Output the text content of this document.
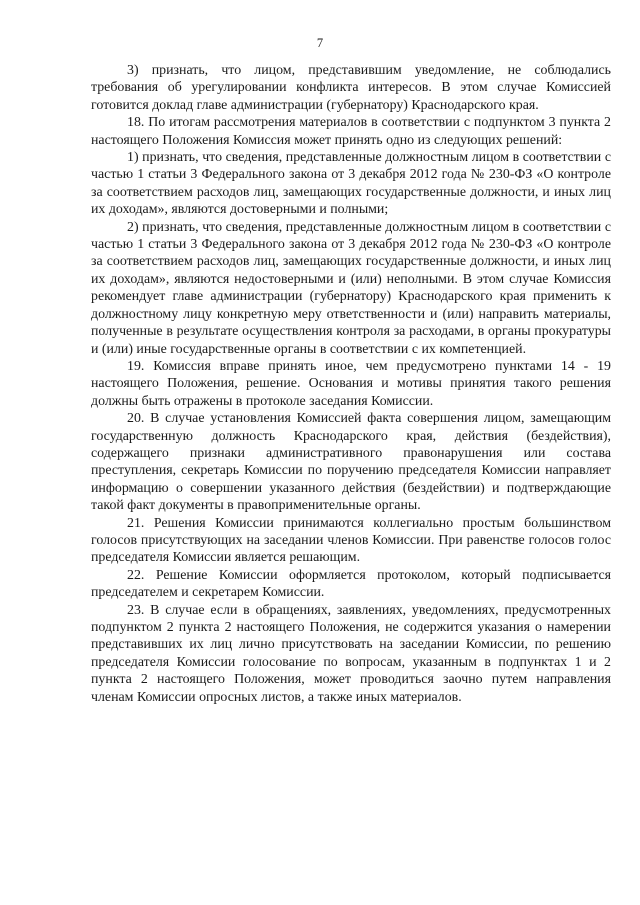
7

3) признать, что лицом, представившим уведомление, не соблюдались требования об урегулировании конфликта интересов. В этом случае Комиссией готовится доклад главе администрации (губернатору) Краснодарского края.

18. По итогам рассмотрения материалов в соответствии с подпунктом 3 пункта 2 настоящего Положения Комиссия может принять одно из следующих решений:

1) признать, что сведения, представленные должностным лицом в соответствии с частью 1 статьи 3 Федерального закона от 3 декабря 2012 года № 230-ФЗ «О контроле за соответствием расходов лиц, замещающих государственные должности, и иных лиц их доходам», являются достоверными и полными;

2) признать, что сведения, представленные должностным лицом в соответствии с частью 1 статьи 3 Федерального закона от 3 декабря 2012 года № 230-ФЗ «О контроле за соответствием расходов лиц, замещающих государственные должности, и иных лиц их доходам», являются недостоверными и (или) неполными. В этом случае Комиссия рекомендует главе администрации (губернатору) Краснодарского края применить к должностному лицу конкретную меру ответственности и (или) направить материалы, полученные в результате осуществления контроля за расходами, в органы прокуратуры и (или) иные государственные органы в соответствии с их компетенцией.

19. Комиссия вправе принять иное, чем предусмотрено пунктами 14 - 19 настоящего Положения, решение. Основания и мотивы принятия такого решения должны быть отражены в протоколе заседания Комиссии.

20. В случае установления Комиссией факта совершения лицом, замещающим государственную должность Краснодарского края, действия (бездействия), содержащего признаки административного правонарушения или состава преступления, секретарь Комиссии по поручению председателя Комиссии направляет информацию о совершении указанного действия (бездействии) и подтверждающие такой факт документы в правоприменительные органы.

21. Решения Комиссии принимаются коллегиально простым большинством голосов присутствующих на заседании членов Комиссии. При равенстве голосов голос председателя Комиссии является решающим.

22. Решение Комиссии оформляется протоколом, который подписывается председателем и секретарем Комиссии.

23. В случае если в обращениях, заявлениях, уведомлениях, предусмотренных подпунктом 2 пункта 2 настоящего Положения, не содержится указания о намерении представивших их лиц лично присутствовать на заседании Комиссии, по решению председателя Комиссии голосование по вопросам, указанным в подпунктах 1 и 2 пункта 2 настоящего Положения, может проводиться заочно путем направления членам Комиссии опросных листов, а также иных материалов.
